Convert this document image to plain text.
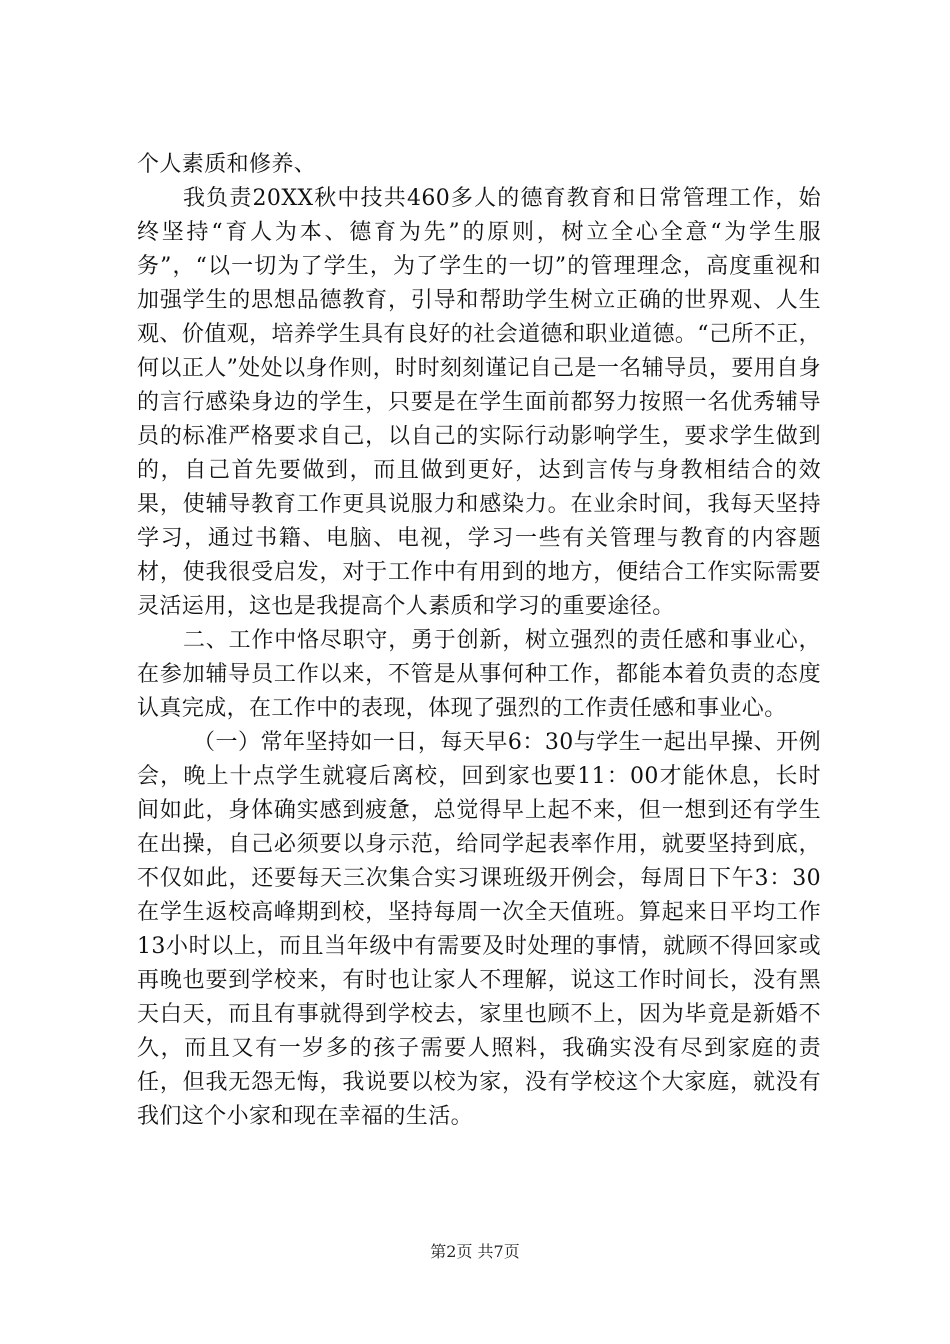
个人素质和修养、

我负责20XX秋中技共460多人的德育教育和日常管理工作，始终坚持“育人为本、德育为先”的原则，树立全心全意“为学生服务”，“以一切为了学生，为了学生的一切”的管理理念，高度重视和加强学生的思想品德教育，引导和帮助学生树立正确的世界观、人生观、价值观，培养学生具有良好的社会道德和职业道德。“己所不正，何以正人”处处以身作则，时时刻刻谨记自己是一名辅导员，要用自身的言行感染身边的学生，只要是在学生面前都努力按照一名优秀辅导员的标准严格要求自己，以自己的实际行动影响学生，要求学生做到的，自己首先要做到，而且做到更好，达到言传与身教相结合的效果，使辅导教育工作更具说服力和感染力。在业余时间，我每天坚持学习，通过书籍、电脑、电视，学习一些有关管理与教育的内容题材，使我很受启发，对于工作中有用到的地方，便结合工作实际需要灵活运用，这也是我提高个人素质和学习的重要途径。

二、工作中恪尽职守，勇于创新，树立强烈的责任感和事业心，在参加辅导员工作以来，不管是从事何种工作，都能本着负责的态度认真完成，在工作中的表现，体现了强烈的工作责任感和事业心。

（一）常年坚持如一日，每天早6：30与学生一起出早操、开例会，晚上十点学生就寝后离校，回到家也要11：00才能休息，长时间如此，身体确实感到疲惫，总觉得早上起不来，但一想到还有学生在出操，自己必须要以身示范，给同学起表率作用，就要坚持到底，不仅如此，还要每天三次集合实习课班级开例会，每周日下午3：30在学生返校高峰期到校，坚持每周一次全天值班。算起来日平均工作13小时以上，而且当年级中有需要及时处理的事情，就顾不得回家或再晚也要到学校来，有时也让家人不理解，说这工作时间长，没有黑天白天，而且有事就得到学校去，家里也顾不上，因为毕竟是新婚不久，而且又有一岁多的孩子需要人照料，我确实没有尽到家庭的责任，但我无怨无悔，我说要以校为家，没有学校这个大家庭，就没有我们这个小家和现在幸福的生活。

第2页 共7页
